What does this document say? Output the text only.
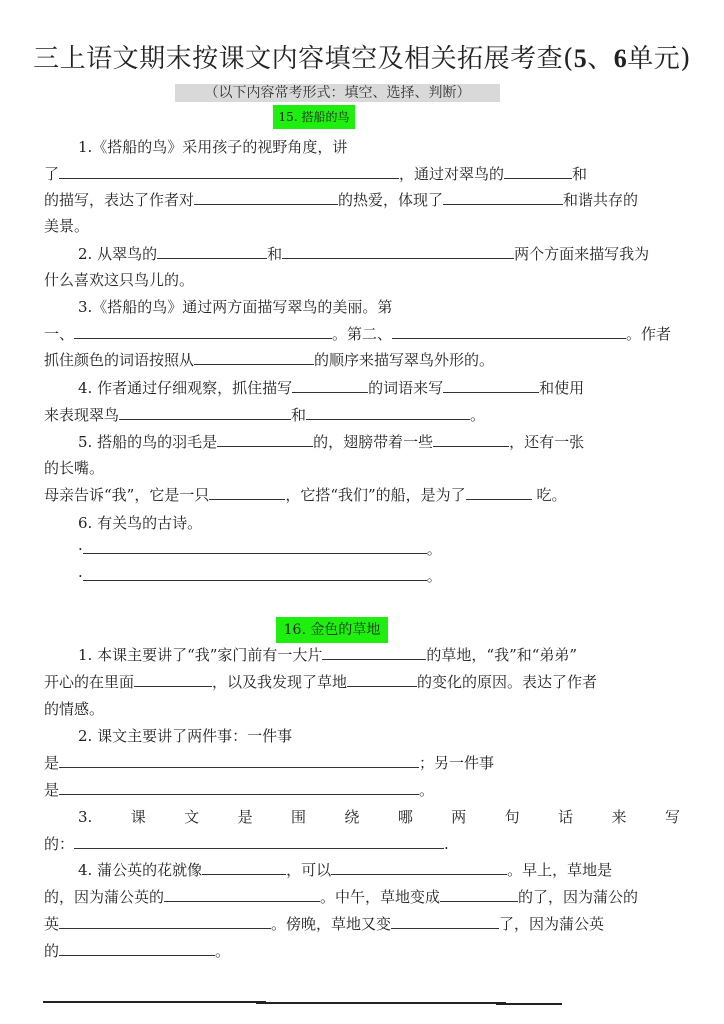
三上语文期末按课文内容填空及相关拓展考查(5、6单元)
（以下内容常考形式：填空、选择、判断）
15. 搭船的鸟
1.《搭船的鸟》采用孩子的视野角度，讲
了	，通过对翠鸟的	和
的描写，表达了作者对	的热爱，体现了	和谐共存的
美景。
2. 从翠鸟的	和	两个方面来描写我为
什么喜欢这只鸟儿的。
3.《搭船的鸟》通过两方面描写翠鸟的美丽。第
一、	。第二、	。作者
抓住颜色的词语按照从	的顺序来描写翠鸟外形的。
4. 作者通过仔细观察，抓住描写	的词语来写	和使用
来表现翠鸟	和	。
5. 搭船的鸟的羽毛是	的，翅膀带着一些	，还有一张
的长嘴。
母亲告诉“我”，它是一只	，它搭“我们”的船，是为了	吃。
6. 有关鸟的古诗。
·	。
·	。
16. 金色的草地
1. 本课主要讲了“我”家门前有一大片	的草地，“我”和“弟弟”
开心的在里面	，以及我发现了草地	的变化的原因。表达了作者
的情感。
2. 课文主要讲了两件事：一件事
是	；另一件事
是	。
3.	课	文	是	围	绕	哪	两	句	话	来	写
的：	.
4. 蒲公英的花就像	，可以	。早上，草地是
的，因为蒲公英的	。中午，草地变成	的了，因为蒲公的
英	。傍晚，草地又变	了，因为蒲公英
的	。
